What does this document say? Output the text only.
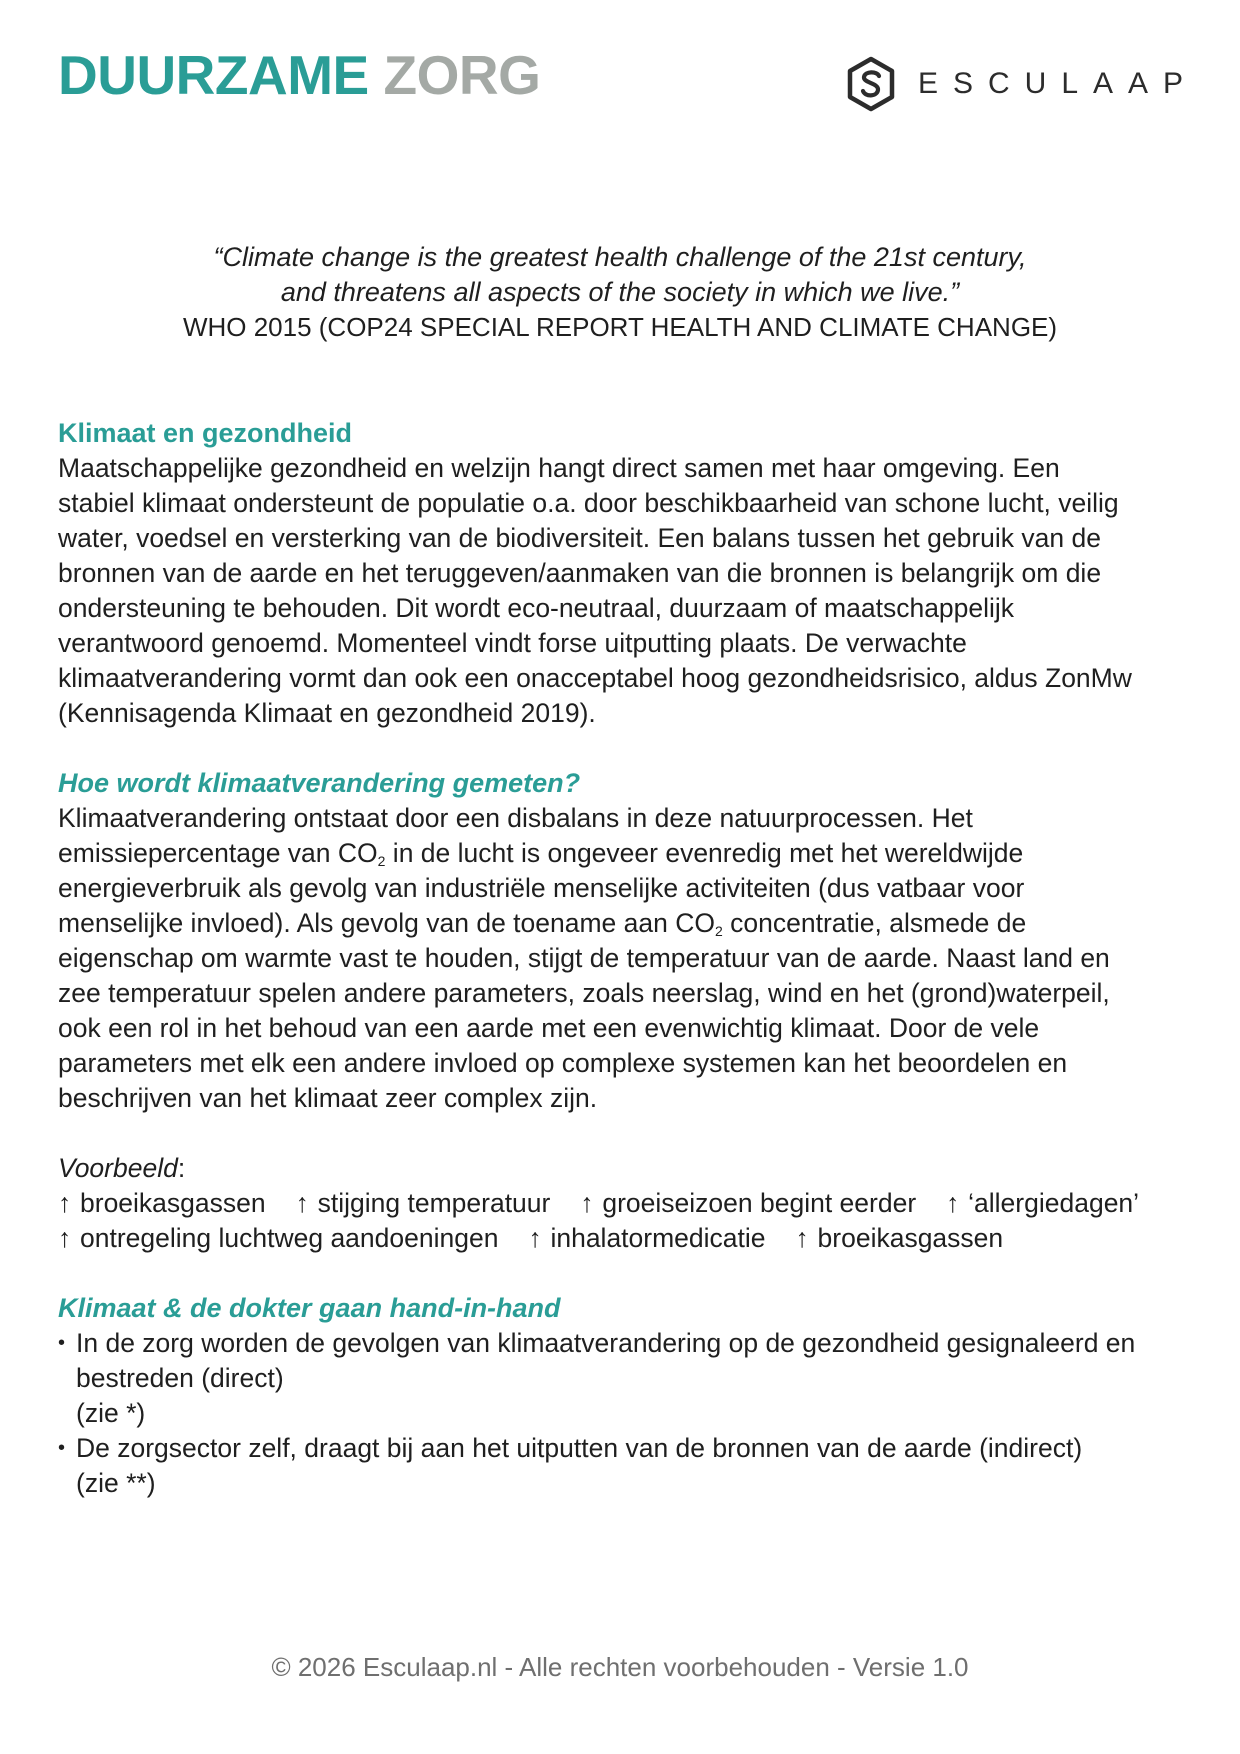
DUURZAME ZORG	ESCULAAP
“Climate change is the greatest health challenge of the 21st century,
and threatens all aspects of the society in which we live.”
WHO 2015 (COP24 SPECIAL REPORT HEALTH AND CLIMATE CHANGE)
Klimaat en gezondheid

Maatschappelijke gezondheid en welzijn hangt direct samen met haar omgeving. Een

stabiel klimaat ondersteunt de populatie o.a. door beschikbaarheid van schone lucht, veilig

water, voedsel en versterking van de biodiversiteit. Een balans tussen het gebruik van de

bronnen van de aarde en het teruggeven/aanmaken van die bronnen is belangrijk om die

ondersteuning te behouden. Dit wordt eco-neutraal, duurzaam of maatschappelijk

verantwoord genoemd. Momenteel vindt forse uitputting plaats. De verwachte

klimaatverandering vormt dan ook een onacceptabel hoog gezondheidsrisico, aldus ZonMw

(Kennisagenda Klimaat en gezondheid 2019).

Hoe wordt klimaatverandering gemeten?

Klimaatverandering ontstaat door een disbalans in deze natuurprocessen. Het

emissiepercentage van $CO_2$ in de lucht is ongeveer evenredig met het wereldwijde

energieverbruik als gevolg van industriële menselijke activiteiten (dus vatbaar voor

menselijke invloed). Als gevolg van de toename aan $CO_2$ concentratie, alsmede de

eigenschap om warmte vast te houden, stijgt de temperatuur van de aarde. Naast land en

zee temperatuur spelen andere parameters, zoals neerslag, wind en het (grond)waterpeil,

ook een rol in het behoud van een aarde met een evenwichtig klimaat. Door de vele

parameters met elk een andere invloed op complexe systemen kan het beoordelen en

beschrijven van het klimaat zeer complex zijn.

Voorbeeld:

↑ broeikasgassen ↑ stijging temperatuur ↑ groeiseizoen begint eerder ↑ ‘allergiedagen’
↑ ontregeling luchtweg aandoeningen ↑ inhalatormedicatie ↑ broeikasgassen
Klimaat & de dokter gaan hand-in-hand
• In de zorg worden de gevolgen van klimaatverandering op de gezondheid gesignaleerd en
bestreden (direct)
(zie *)
• De zorgsector zelf, draagt bij aan het uitputten van de bronnen van de aarde (indirect)
(zie **)
© 2026 Esculaap.nl - Alle rechten voorbehouden - Versie 1.0
